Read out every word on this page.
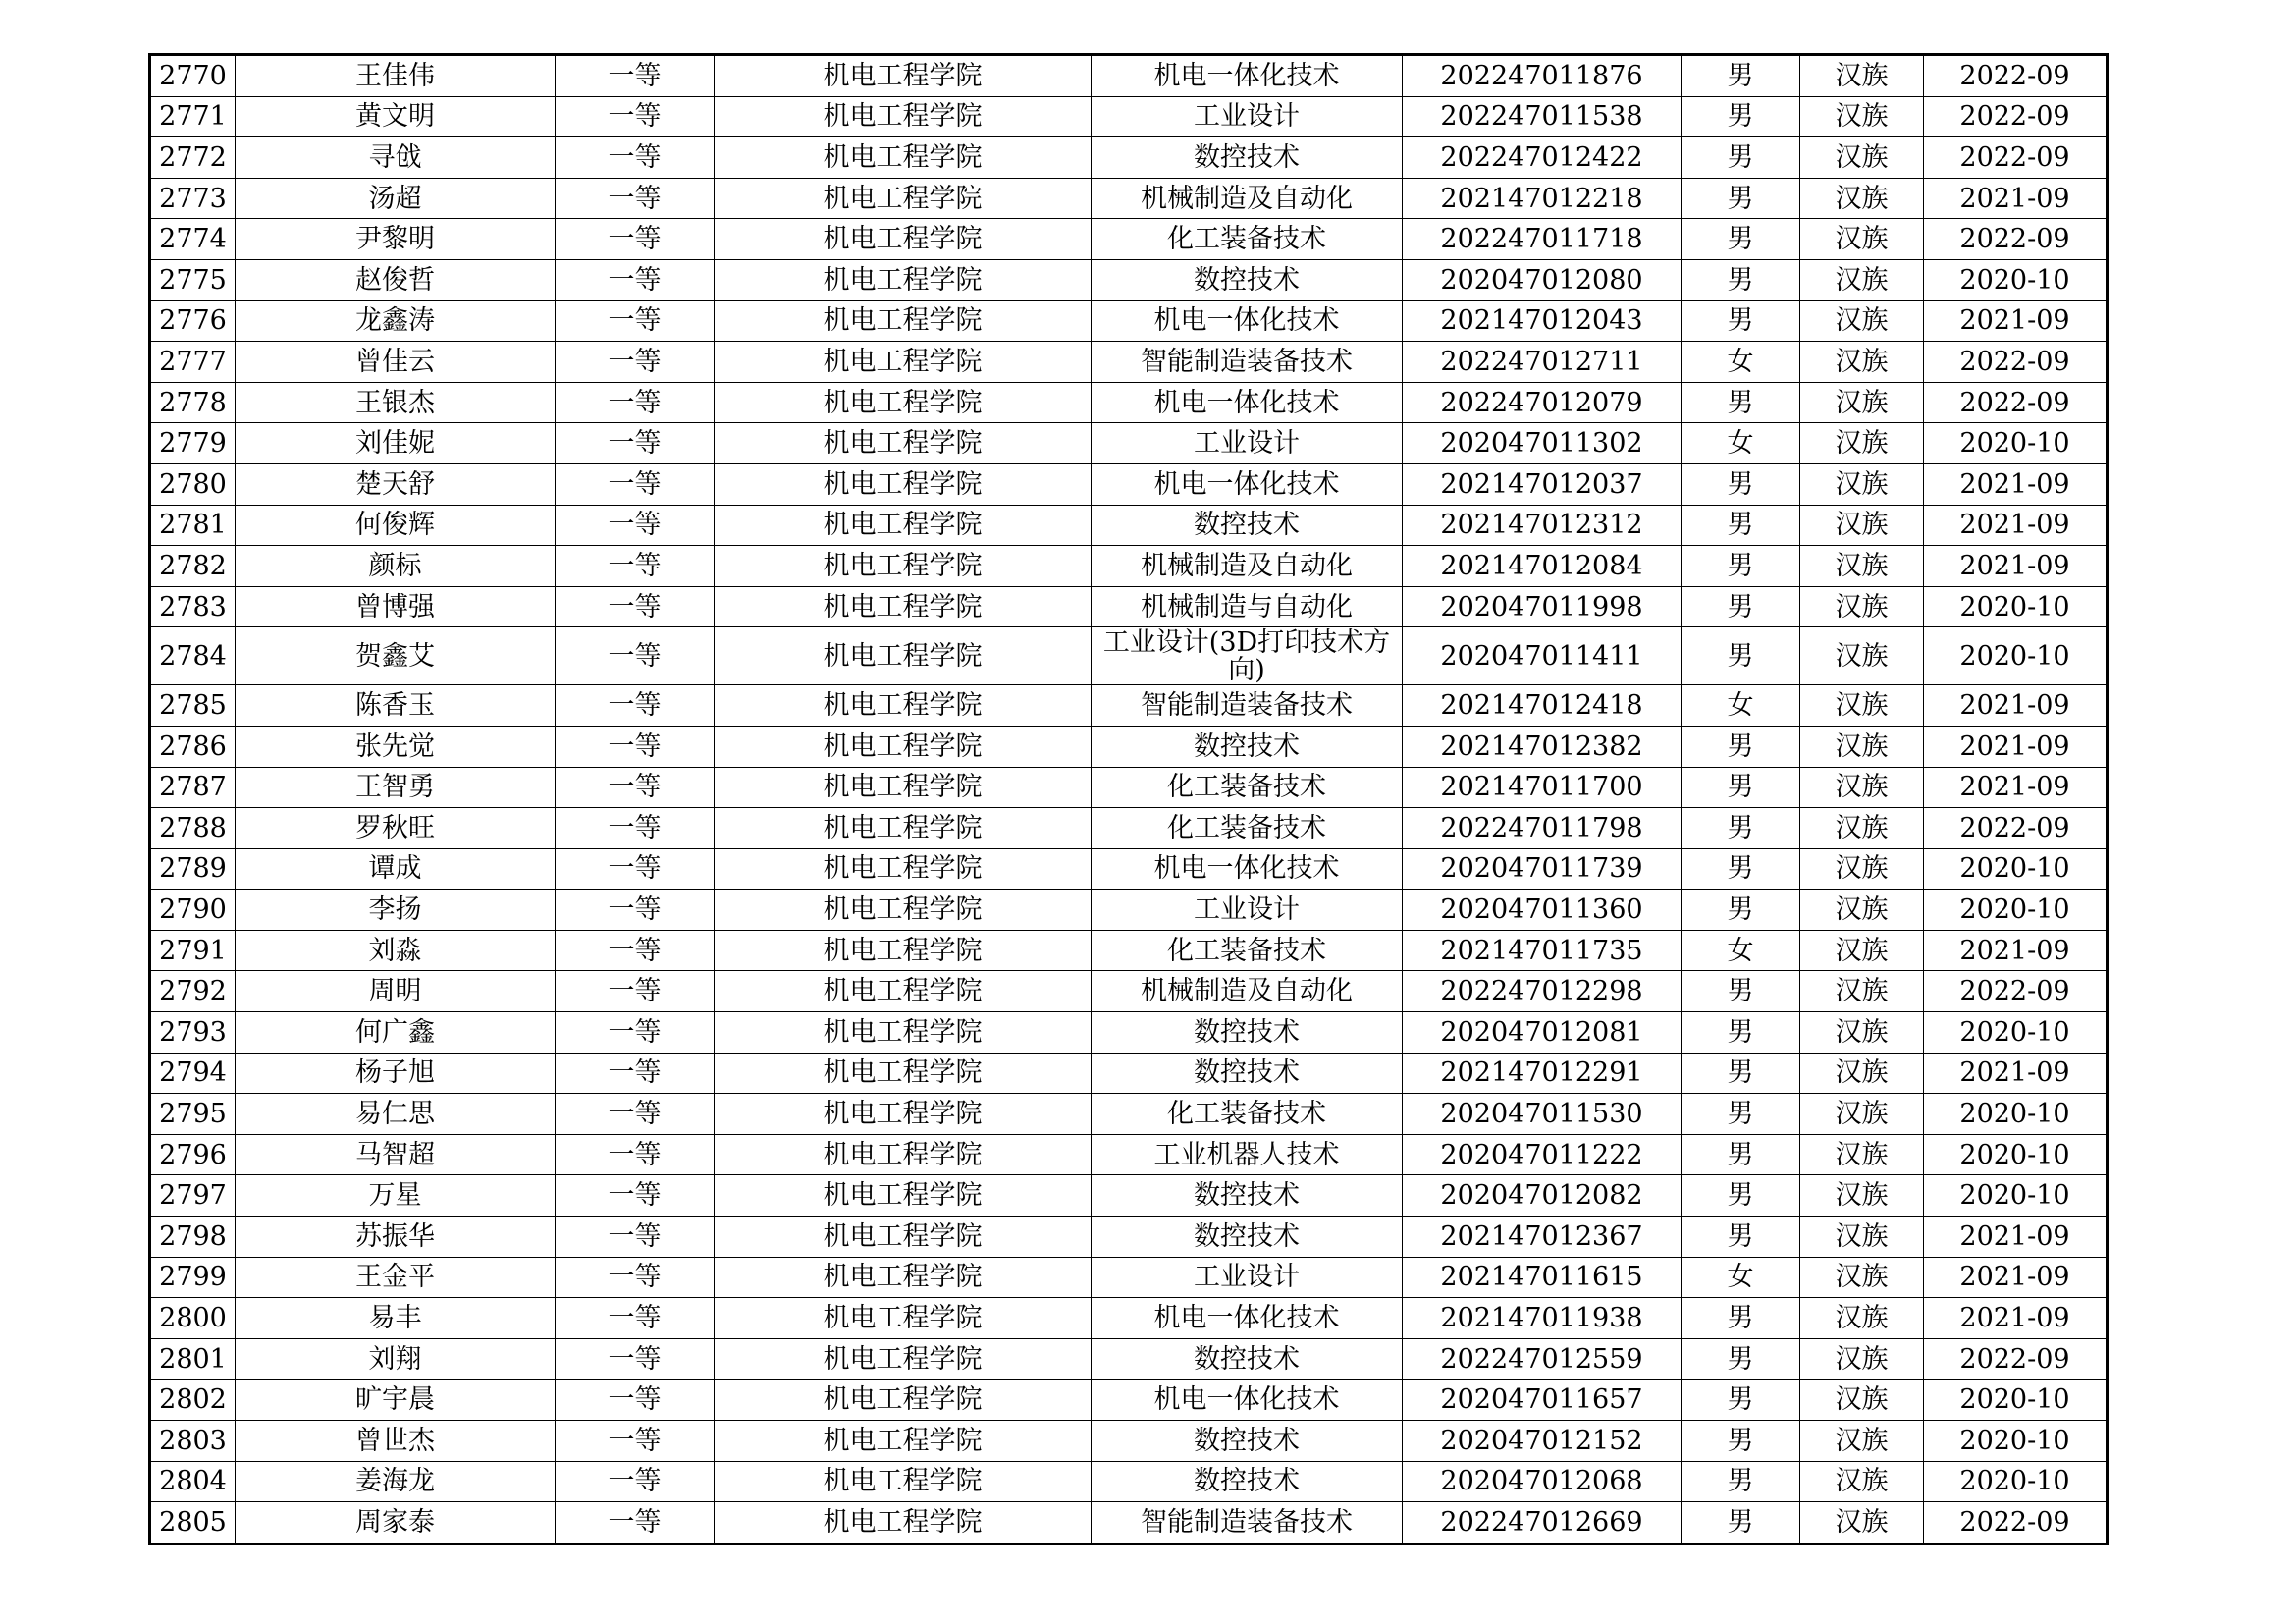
2770	王佳伟	一等	机电工程学院	机电一体化技术	202247011876	男	汉族	2022-09
2771	黄文明	一等	机电工程学院	工业设计	202247011538	男	汉族	2022-09
2772	寻戗	一等	机电工程学院	数控技术	202247012422	男	汉族	2022-09
2773	汤超	一等	机电工程学院	机械制造及自动化	202147012218	男	汉族	2021-09
2774	尹黎明	一等	机电工程学院	化工装备技术	202247011718	男	汉族	2022-09
2775	赵俊哲	一等	机电工程学院	数控技术	202047012080	男	汉族	2020-10
2776	龙鑫涛	一等	机电工程学院	机电一体化技术	202147012043	男	汉族	2021-09
2777	曾佳云	一等	机电工程学院	智能制造装备技术	202247012711	女	汉族	2022-09
2778	王银杰	一等	机电工程学院	机电一体化技术	202247012079	男	汉族	2022-09
2779	刘佳妮	一等	机电工程学院	工业设计	202047011302	女	汉族	2020-10
2780	楚天舒	一等	机电工程学院	机电一体化技术	202147012037	男	汉族	2021-09
2781	何俊辉	一等	机电工程学院	数控技术	202147012312	男	汉族	2021-09
2782	颜标	一等	机电工程学院	机械制造及自动化	202147012084	男	汉族	2021-09
2783	曾博强	一等	机电工程学院	机械制造与自动化	202047011998	男	汉族	2020-10
2784	贺鑫艾	一等	机电工程学院	工业设计(3D打印技术方向)	202047011411	男	汉族	2020-10
2785	陈香玉	一等	机电工程学院	智能制造装备技术	202147012418	女	汉族	2021-09
2786	张先觉	一等	机电工程学院	数控技术	202147012382	男	汉族	2021-09
2787	王智勇	一等	机电工程学院	化工装备技术	202147011700	男	汉族	2021-09
2788	罗秋旺	一等	机电工程学院	化工装备技术	202247011798	男	汉族	2022-09
2789	谭成	一等	机电工程学院	机电一体化技术	202047011739	男	汉族	2020-10
2790	李扬	一等	机电工程学院	工业设计	202047011360	男	汉族	2020-10
2791	刘淼	一等	机电工程学院	化工装备技术	202147011735	女	汉族	2021-09
2792	周明	一等	机电工程学院	机械制造及自动化	202247012298	男	汉族	2022-09
2793	何广鑫	一等	机电工程学院	数控技术	202047012081	男	汉族	2020-10
2794	杨子旭	一等	机电工程学院	数控技术	202147012291	男	汉族	2021-09
2795	易仁思	一等	机电工程学院	化工装备技术	202047011530	男	汉族	2020-10
2796	马智超	一等	机电工程学院	工业机器人技术	202047011222	男	汉族	2020-10
2797	万星	一等	机电工程学院	数控技术	202047012082	男	汉族	2020-10
2798	苏振华	一等	机电工程学院	数控技术	202147012367	男	汉族	2021-09
2799	王金平	一等	机电工程学院	工业设计	202147011615	女	汉族	2021-09
2800	易丰	一等	机电工程学院	机电一体化技术	202147011938	男	汉族	2021-09
2801	刘翔	一等	机电工程学院	数控技术	202247012559	男	汉族	2022-09
2802	旷宇晨	一等	机电工程学院	机电一体化技术	202047011657	男	汉族	2020-10
2803	曾世杰	一等	机电工程学院	数控技术	202047012152	男	汉族	2020-10
2804	姜海龙	一等	机电工程学院	数控技术	202047012068	男	汉族	2020-10
2805	周家泰	一等	机电工程学院	智能制造装备技术	202247012669	男	汉族	2022-09
